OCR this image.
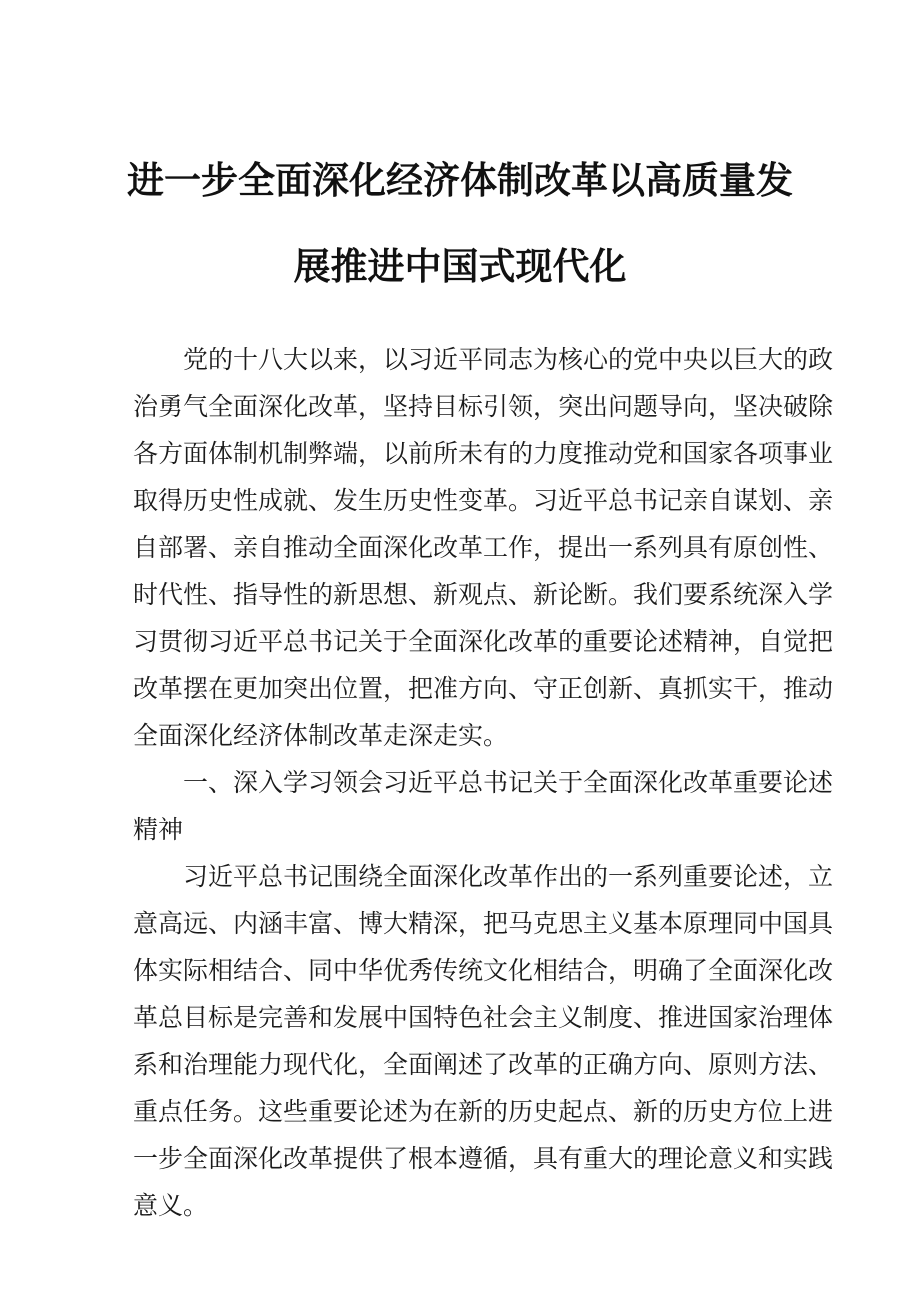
进一步全面深化经济体制改革以高质量发
展推进中国式现代化
党的十八大以来，以习近平同志为核心的党中央以巨大的政
治勇气全面深化改革，坚持目标引领，突出问题导向，坚决破除
各方面体制机制弊端，以前所未有的力度推动党和国家各项事业
取得历史性成就、发生历史性变革。习近平总书记亲自谋划、亲
自部署、亲自推动全面深化改革工作，提出一系列具有原创性、
时代性、指导性的新思想、新观点、新论断。我们要系统深入学
习贯彻习近平总书记关于全面深化改革的重要论述精神，自觉把
改革摆在更加突出位置，把准方向、守正创新、真抓实干，推动
全面深化经济体制改革走深走实。
一、深入学习领会习近平总书记关于全面深化改革重要论述
精神
习近平总书记围绕全面深化改革作出的一系列重要论述，立
意高远、内涵丰富、博大精深，把马克思主义基本原理同中国具
体实际相结合、同中华优秀传统文化相结合，明确了全面深化改
革总目标是完善和发展中国特色社会主义制度、推进国家治理体
系和治理能力现代化，全面阐述了改革的正确方向、原则方法、
重点任务。这些重要论述为在新的历史起点、新的历史方位上进
一步全面深化改革提供了根本遵循，具有重大的理论意义和实践
意义。
